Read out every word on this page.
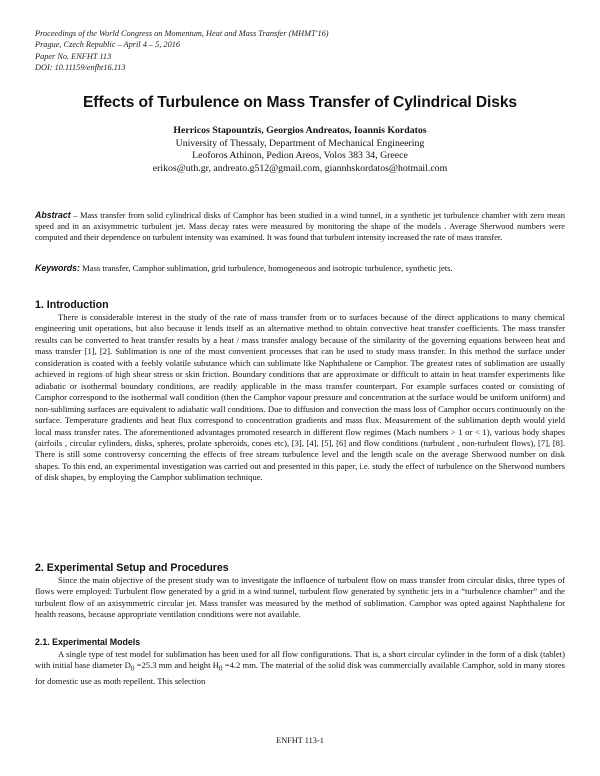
Proceedings of the World Congress on Momentum, Heat and Mass Transfer (MHMT'16)
Prague, Czech Republic – April 4 – 5, 2016
Paper No. ENFHT 113
DOI: 10.11159/enfht16.113
Effects of Turbulence on Mass Transfer of Cylindrical Disks
Herricos Stapountzis, Georgios Andreatos, Ioannis Kordatos
University of Thessaly, Department of Mechanical Engineering
Leoforos Athinon, Pedion Areos, Volos 383 34, Greece
erikos@uth.gr, andreato.g512@gmail.com, giannhskordatos@hotmail.com
Abstract – Mass transfer from solid cylindrical disks of Camphor has been studied in a wind tunnel, in a synthetic jet turbulence chamber with zero mean speed and in an axisymmetric turbulent jet. Mass decay rates were measured by monitoring the shape of the models . Average Sherwood numbers were computed and their dependence on turbulent intensity was examined. It was found that turbulent intensity increased the rate of mass transfer.
Keywords: Mass transfer, Camphor sublimation, grid turbulence, homogeneous and isotropic turbulence, synthetic jets.
1. Introduction
There is considerable interest in the study of the rate of mass transfer from or to surfaces because of the direct applications to many chemical engineering unit operations, but also because it lends itself as an alternative method to obtain convective heat transfer coefficients. The mass transfer results can be converted to heat transfer results by a heat / mass transfer analogy because of the similarity of the governing equations between heat and mass transfer [1], [2]. Sublimation is one of the most convenient processes that can be used to study mass transfer. In this method the surface under consideration is coated with a feebly volatile substance which can sublimate like Naphthalene or Camphor. The greatest rates of sublimation are usually achieved in regions of high shear stress or skin friction. Boundary conditions that are approximate or difficult to attain in heat transfer experiments like adiabatic or isothermal boundary conditions, are readily applicable in the mass transfer counterpart. For example surfaces coated or consisting of Camphor correspond to the isothermal wall condition (then the Camphor vapour pressure and concentration at the surface would be uniform uniform) and non-subliming surfaces are equivalent to adiabatic wall conditions. Due to diffusion and convection the mass loss of Camphor occurs continuously on the surface. Temperature gradients and heat flux correspond to concentration gradients and mass flux. Measurement of the sublimation depth would yield local mass transfer rates. The aforementioned advantages promoted research in different flow regimes (Mach numbers > 1 or < 1), various body shapes (airfoils , circular cylinders, disks, spheres, prolate spheroids, cones etc), [3], [4], [5], [6] and flow conditions (turbulent , non-turbulent flows), [7], [8]. There is still some controversy concerning the effects of free stream turbulence level and the length scale on the average Sherwood number on disk shapes. To this end, an experimental investigation was carried out and presented in this paper, i.e. study the effect of turbulence on the Sherwood numbers of disk shapes, by employing the Camphor sublimation technique.
2. Experimental Setup and Procedures
Since the main objective of the present study was to investigate the influence of turbulent flow on mass transfer from circular disks, three types of flows were employed: Turbulent flow generated by a grid in a wind tunnel, turbulent flow generated by synthetic jets in a “turbulence chamber” and the turbulent flow of an axisymmetric circular jet. Mass transfer was measured by the method of sublimation. Camphor was opted against Naphthalene for health reasons, because appropriate ventilation conditions were not available.
2.1. Experimental Models
A single type of test model for sublimation has been used for all flow configurations. That is, a short circular cylinder in the form of a disk (tablet) with initial base diameter $D_0 =25.3$ mm and height $H_0 =4.2$ mm. The material of the solid disk was commercially available Camphor, sold in many stores for domestic use as moth repellent. This selection
ENFHT 113-1
